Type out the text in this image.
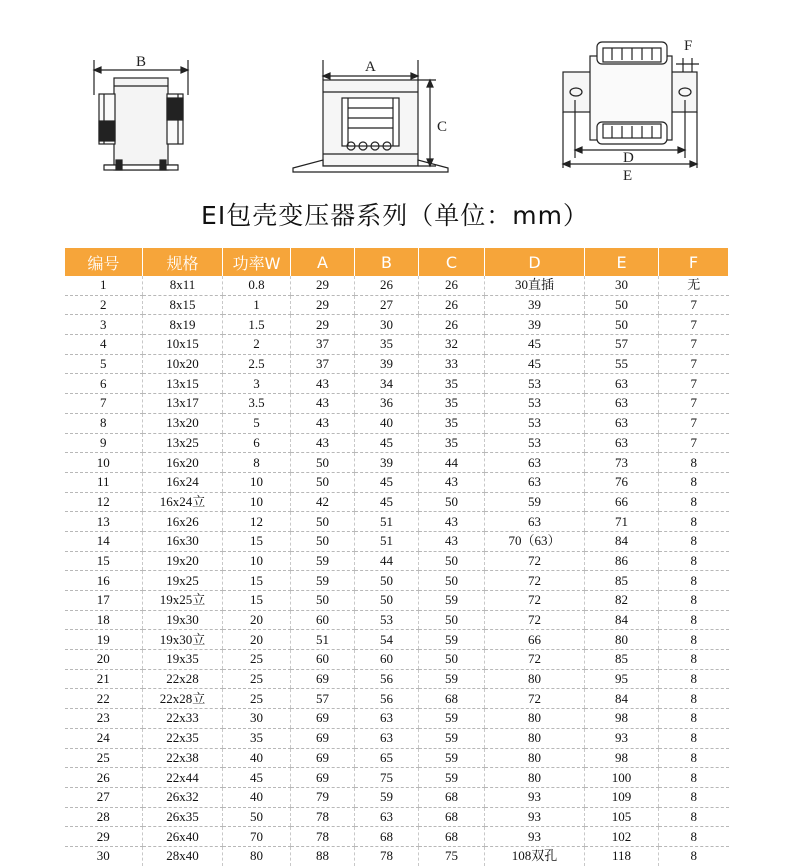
B	A
C
F
D
E
EI包壳变压器系列（单位：mm）
编号	规格	功率W	A	B	C	D	E	F
1	8x11	0.8	29	26	26	30直插	30	无
2	8x15	1	29	27	26	39	50	7
3	8x19	1.5	29	30	26	39	50	7
4	10x15	2	37	35	32	45	57	7
5	10x20	2.5	37	39	33	45	55	7
6	13x15	3	43	34	35	53	63	7
7	13x17	3.5	43	36	35	53	63	7
8	13x20	5	43	40	35	53	63	7
9	13x25	6	43	45	35	53	63	7
10	16x20	8	50	39	44	63	73	8
11	16x24	10	50	45	43	63	76	8
12	16x24立	10	42	45	50	59	66	8
13	16x26	12	50	51	43	63	71	8
14	16x30	15	50	51	43	70（63）	84	8
15	19x20	10	59	44	50	72	86	8
16	19x25	15	59	50	50	72	85	8
17	19x25立	15	50	50	59	72	82	8
18	19x30	20	60	53	50	72	84	8
19	19x30立	20	51	54	59	66	80	8
20	19x35	25	60	60	50	72	85	8
21	22x28	25	69	56	59	80	95	8
22	22x28立	25	57	56	68	72	84	8
23	22x33	30	69	63	59	80	98	8
24	22x35	35	69	63	59	80	93	8
25	22x38	40	69	65	59	80	98	8
26	22x44	45	69	75	59	80	100	8
27	26x32	40	79	59	68	93	109	8
28	26x35	50	78	63	68	93	105	8
29	26x40	70	78	68	68	93	102	8
30	28x40	80	88	78	75	108双孔	118	8
